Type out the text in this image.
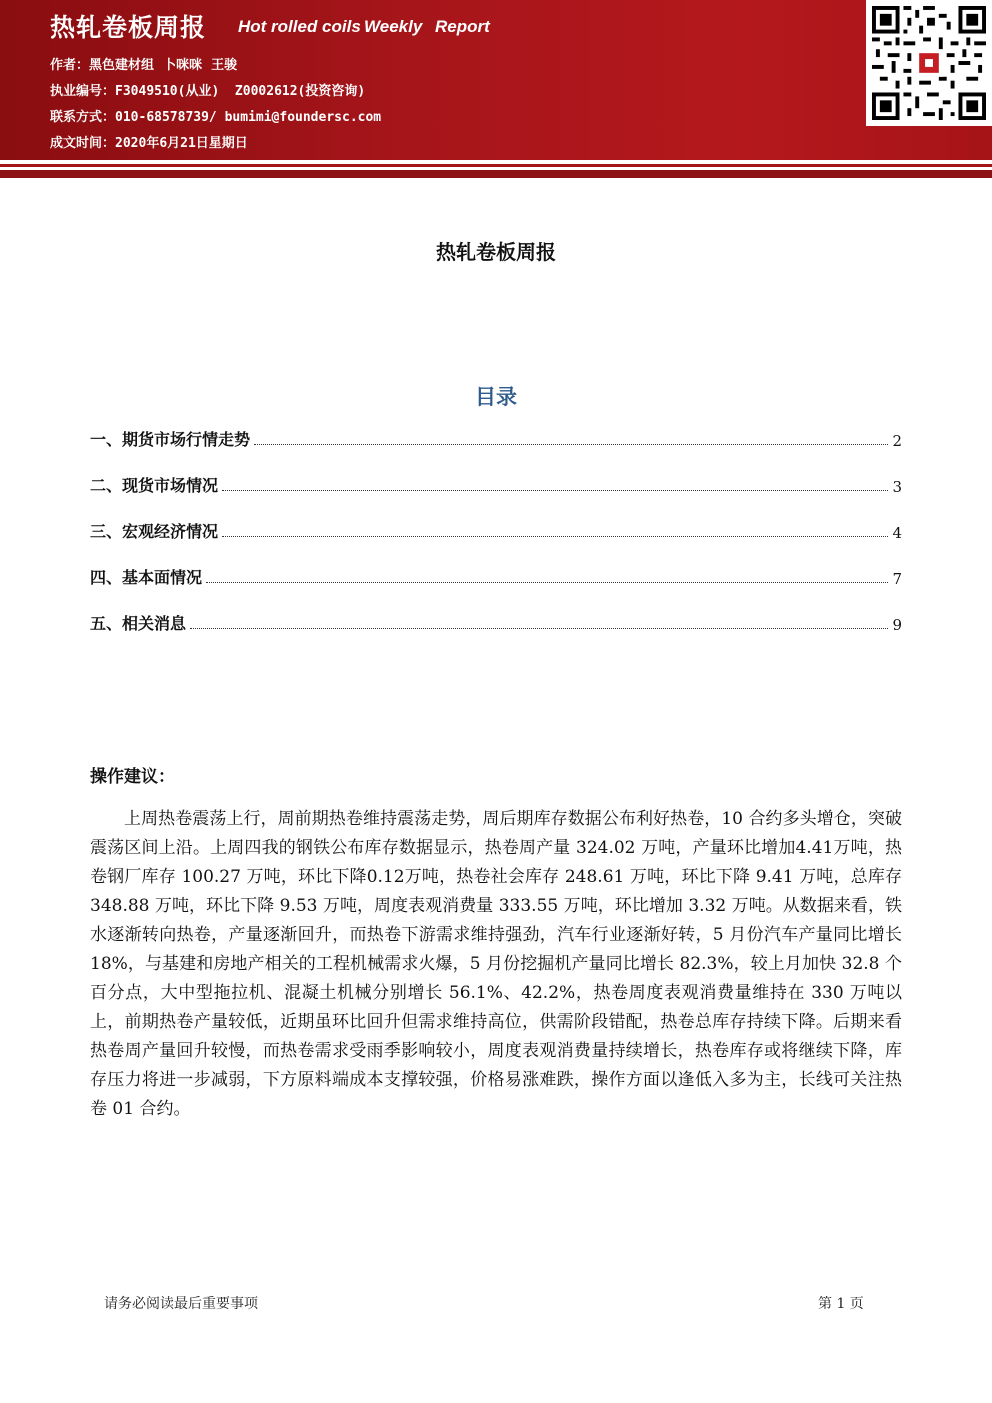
热轧卷板周报 Hot rolled coils Weekly Report
作者：黑色建材组  卜咪咪  王骏
执业编号：F3049510(从业)  Z0002612(投资咨询)
联系方式：010-68578739/ bumimi@foundersc.com
成文时间：2020年6月21日星期日
热轧卷板周报
目录
一、期货市场行情走势	2
二、现货市场情况	3
三、宏观经济情况	4
四、基本面情况	7
五、相关消息	9
操作建议：
上周热卷震荡上行，周前期热卷维持震荡走势，周后期库存数据公布利好热卷，10 合约多头增仓，突破震荡区间上沿。上周四我的钢铁公布库存数据显示，热卷周产量 324.02 万吨，产量环比增加4.41万吨，热卷钢厂库存 100.27 万吨，环比下降0.12万吨，热卷社会库存 248.61 万吨，环比下降 9.41 万吨，总库存 348.88 万吨，环比下降 9.53 万吨，周度表观消费量 333.55 万吨，环比增加 3.32 万吨。从数据来看，铁水逐渐转向热卷，产量逐渐回升，而热卷下游需求维持强劲，汽车行业逐渐好转，5 月份汽车产量同比增长 18%，与基建和房地产相关的工程机械需求火爆，5 月份挖掘机产量同比增长 82.3%，较上月加快 32.8 个百分点，大中型拖拉机、混凝土机械分别增长 56.1%、42.2%，热卷周度表观消费量维持在 330 万吨以上，前期热卷产量较低，近期虽环比回升但需求维持高位，供需阶段错配，热卷总库存持续下降。后期来看热卷周产量回升较慢，而热卷需求受雨季影响较小，周度表观消费量持续增长，热卷库存或将继续下降，库存压力将进一步减弱，下方原料端成本支撑较强，价格易涨难跌，操作方面以逢低入多为主，长线可关注热卷 01 合约。
请务必阅读最后重要事项	第 1 页
